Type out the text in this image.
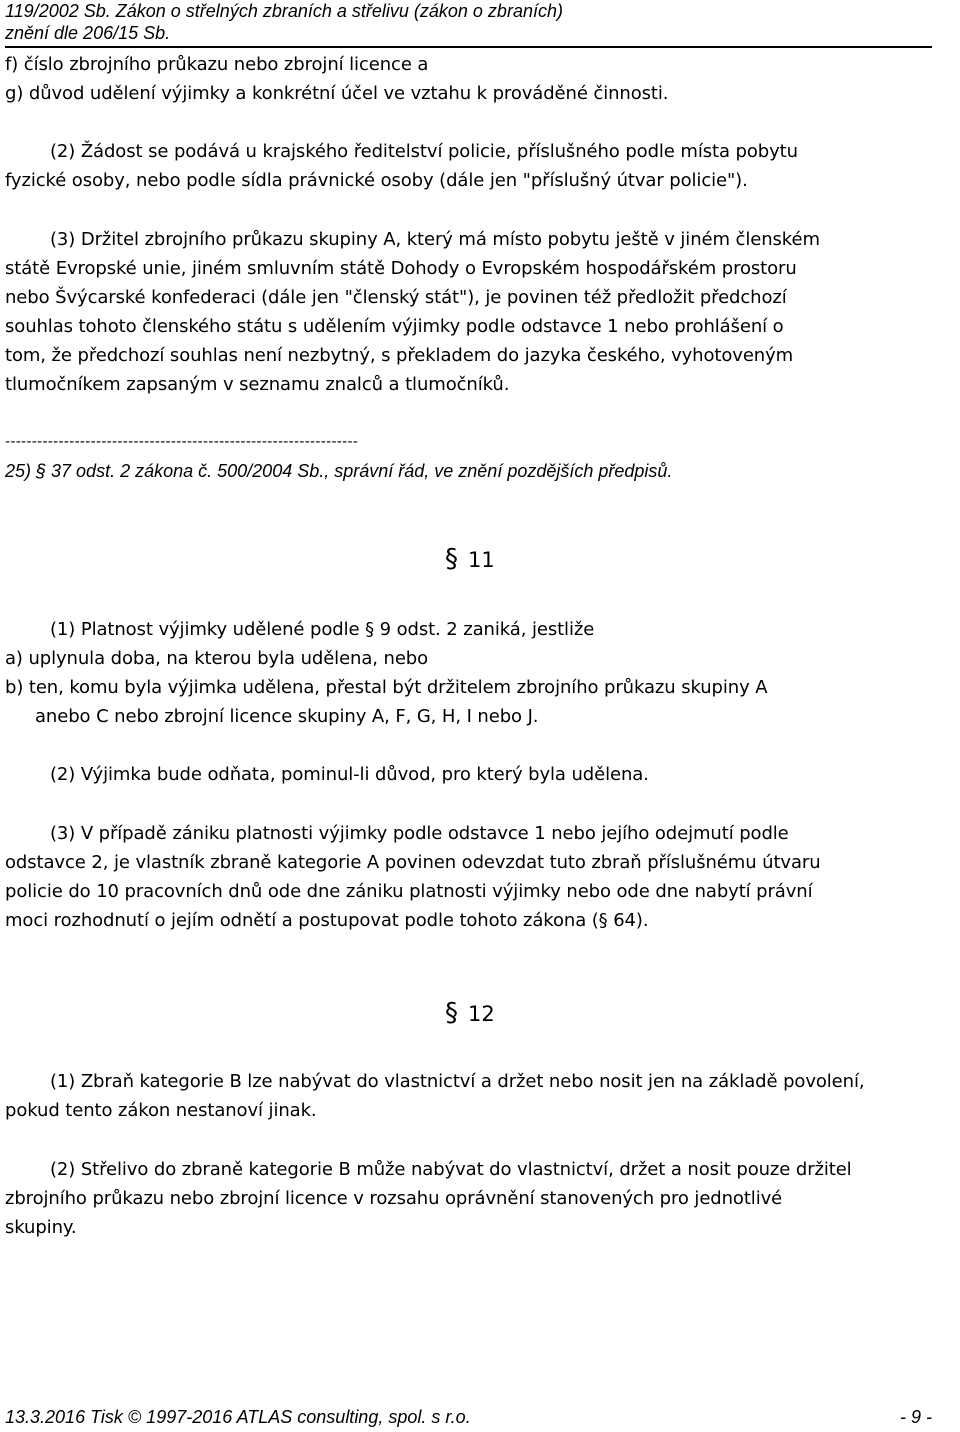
119/2002 Sb. Zákon o střelných zbraních a střelivu (zákon o zbraních)
znění dle 206/15 Sb.
f) číslo zbrojního průkazu nebo zbrojní licence a
g) důvod udělení výjimky a konkrétní účel ve vztahu k prováděné činnosti.
(2) Žádost se podává u krajského ředitelství policie, příslušného podle místa pobytu
fyzické osoby, nebo podle sídla právnické osoby (dále jen "příslušný útvar policie").
(3) Držitel zbrojního průkazu skupiny A, který má místo pobytu ještě v jiném členském
státě Evropské unie, jiném smluvním státě Dohody o Evropském hospodářském prostoru
nebo Švýcarské konfederaci (dále jen "členský stát"), je povinen též předložit předchozí
souhlas tohoto členského státu s udělením výjimky podle odstavce 1 nebo prohlášení o
tom, že předchozí souhlas není nezbytný, s překladem do jazyka českého, vyhotoveným
tlumočníkem zapsaným v seznamu znalců a tlumočníků.
------------------------------------------------------------------
25) § 37 odst. 2 zákona č. 500/2004 Sb., správní řád, ve znění pozdějších předpisů.
§ 11
(1) Platnost výjimky udělené podle § 9 odst. 2 zaniká, jestliže
a) uplynula doba, na kterou byla udělena, nebo
b) ten, komu byla výjimka udělena, přestal být držitelem zbrojního průkazu skupiny A
anebo C nebo zbrojní licence skupiny A, F, G, H, I nebo J.
(2) Výjimka bude odňata, pominul-li důvod, pro který byla udělena.
(3) V případě zániku platnosti výjimky podle odstavce 1 nebo jejího odejmutí podle
odstavce 2, je vlastník zbraně kategorie A povinen odevzdat tuto zbraň příslušnému útvaru
policie do 10 pracovních dnů ode dne zániku platnosti výjimky nebo ode dne nabytí právní
moci rozhodnutí o jejím odnětí a postupovat podle tohoto zákona (§ 64).
§ 12
(1) Zbraň kategorie B lze nabývat do vlastnictví a držet nebo nosit jen na základě povolení,
pokud tento zákon nestanoví jinak.
(2) Střelivo do zbraně kategorie B může nabývat do vlastnictví, držet a nosit pouze držitel
zbrojního průkazu nebo zbrojní licence v rozsahu oprávnění stanovených pro jednotlivé
skupiny.
13.3.2016 Tisk © 1997-2016 ATLAS consulting, spol. s r.o.	- 9 -
